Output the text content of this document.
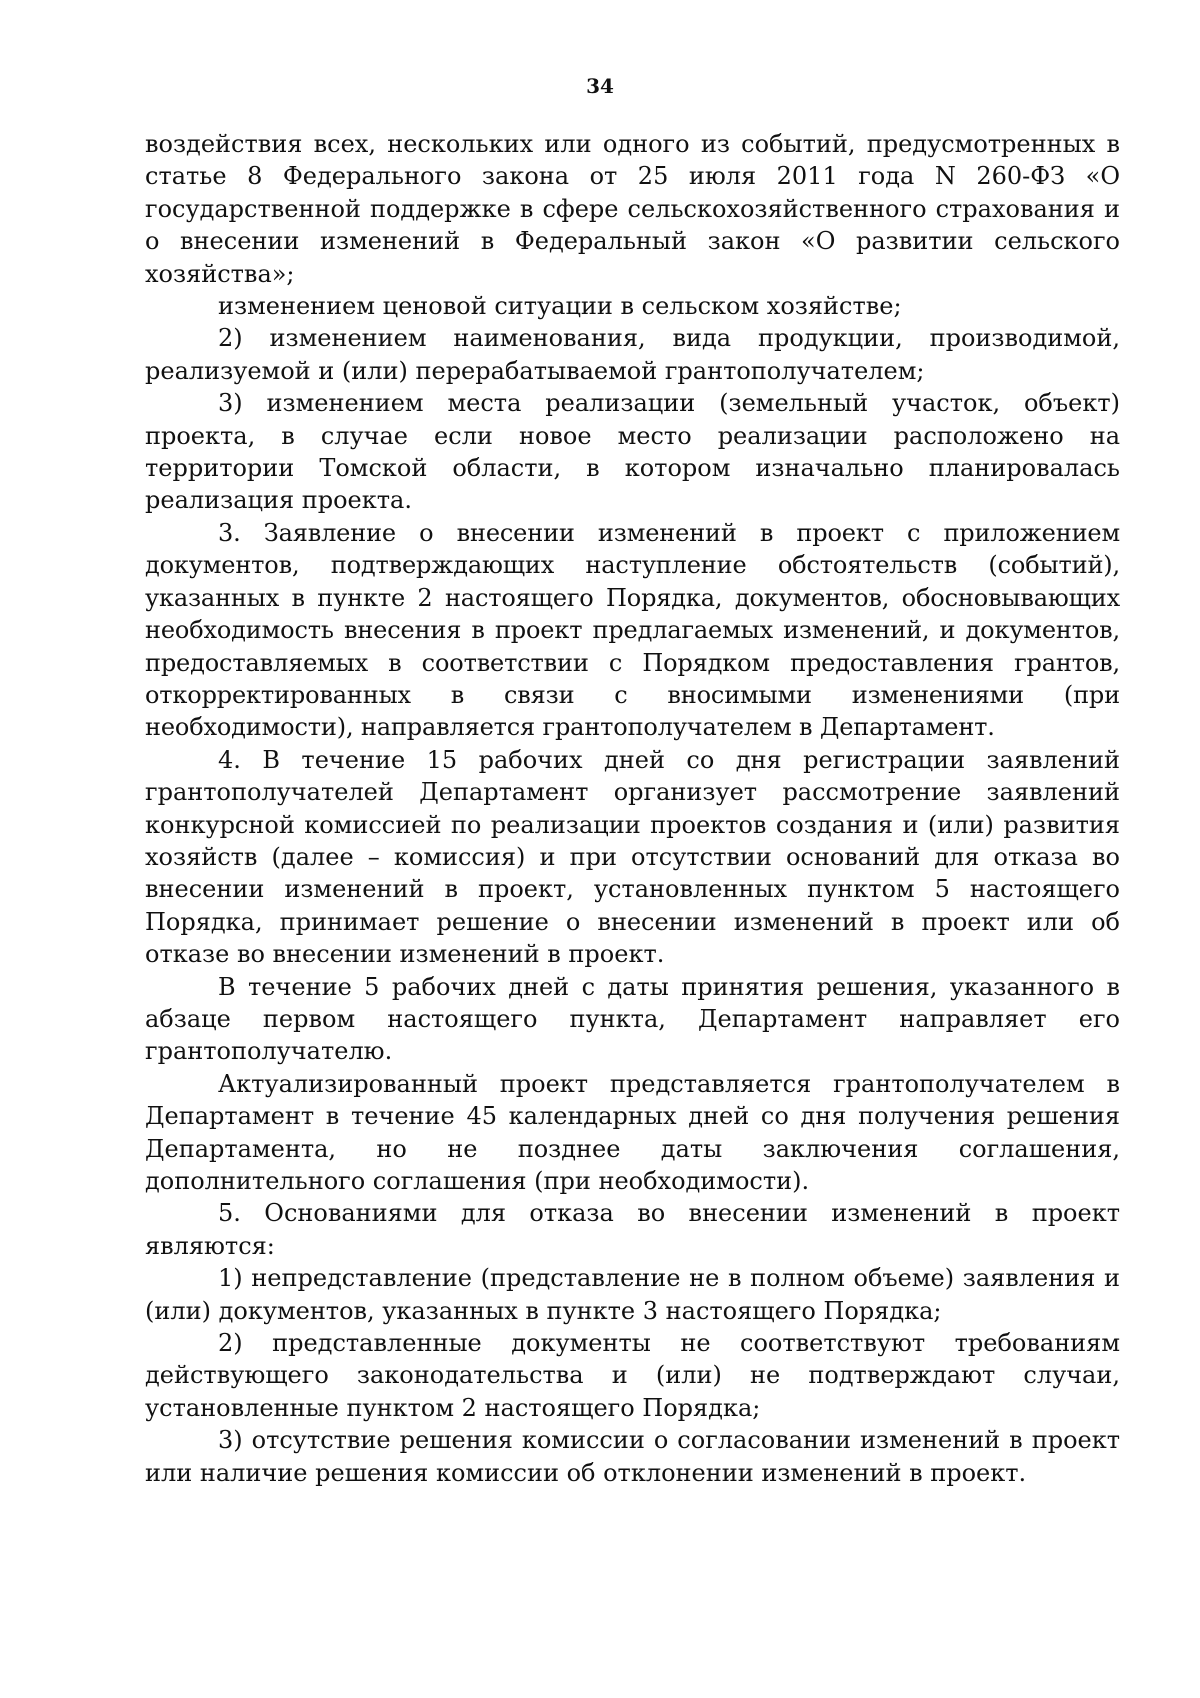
34

воздействия всех, нескольких или одного из событий, предусмотренных в статье 8 Федерального закона от 25 июля 2011 года N 260-ФЗ «О государственной поддержке в сфере сельскохозяйственного страхования и о внесении изменений в Федеральный закон «О развитии сельского хозяйства»;

изменением ценовой ситуации в сельском хозяйстве;

2) изменением наименования, вида продукции, производимой, реализуемой и (или) перерабатываемой грантополучателем;

3) изменением места реализации (земельный участок, объект) проекта, в случае если новое место реализации расположено на территории Томской области, в котором изначально планировалась реализация проекта.

3. Заявление о внесении изменений в проект с приложением документов, подтверждающих наступление обстоятельств (событий), указанных в пункте 2 настоящего Порядка, документов, обосновывающих необходимость внесения в проект предлагаемых изменений, и документов, предоставляемых в соответствии с Порядком предоставления грантов, откорректированных в связи с вносимыми изменениями (при необходимости), направляется грантополучателем в Департамент.

4. В течение 15 рабочих дней со дня регистрации заявлений грантополучателей Департамент организует рассмотрение заявлений конкурсной комиссией по реализации проектов создания и (или) развития хозяйств (далее – комиссия) и при отсутствии оснований для отказа во внесении изменений в проект, установленных пунктом 5 настоящего Порядка, принимает решение о внесении изменений в проект или об отказе во внесении изменений в проект.

В течение 5 рабочих дней с даты принятия решения, указанного в абзаце первом настоящего пункта, Департамент направляет его грантополучателю.

Актуализированный проект представляется грантополучателем в Департамент в течение 45 календарных дней со дня получения решения Департамента, но не позднее даты заключения соглашения, дополнительного соглашения (при необходимости).

5. Основаниями для отказа во внесении изменений в проект являются:

1) непредставление (представление не в полном объеме) заявления и (или) документов, указанных в пункте 3 настоящего Порядка;

2) представленные документы не соответствуют требованиям действующего законодательства и (или) не подтверждают случаи, установленные пунктом 2 настоящего Порядка;

3) отсутствие решения комиссии о согласовании изменений в проект или наличие решения комиссии об отклонении изменений в проект.
